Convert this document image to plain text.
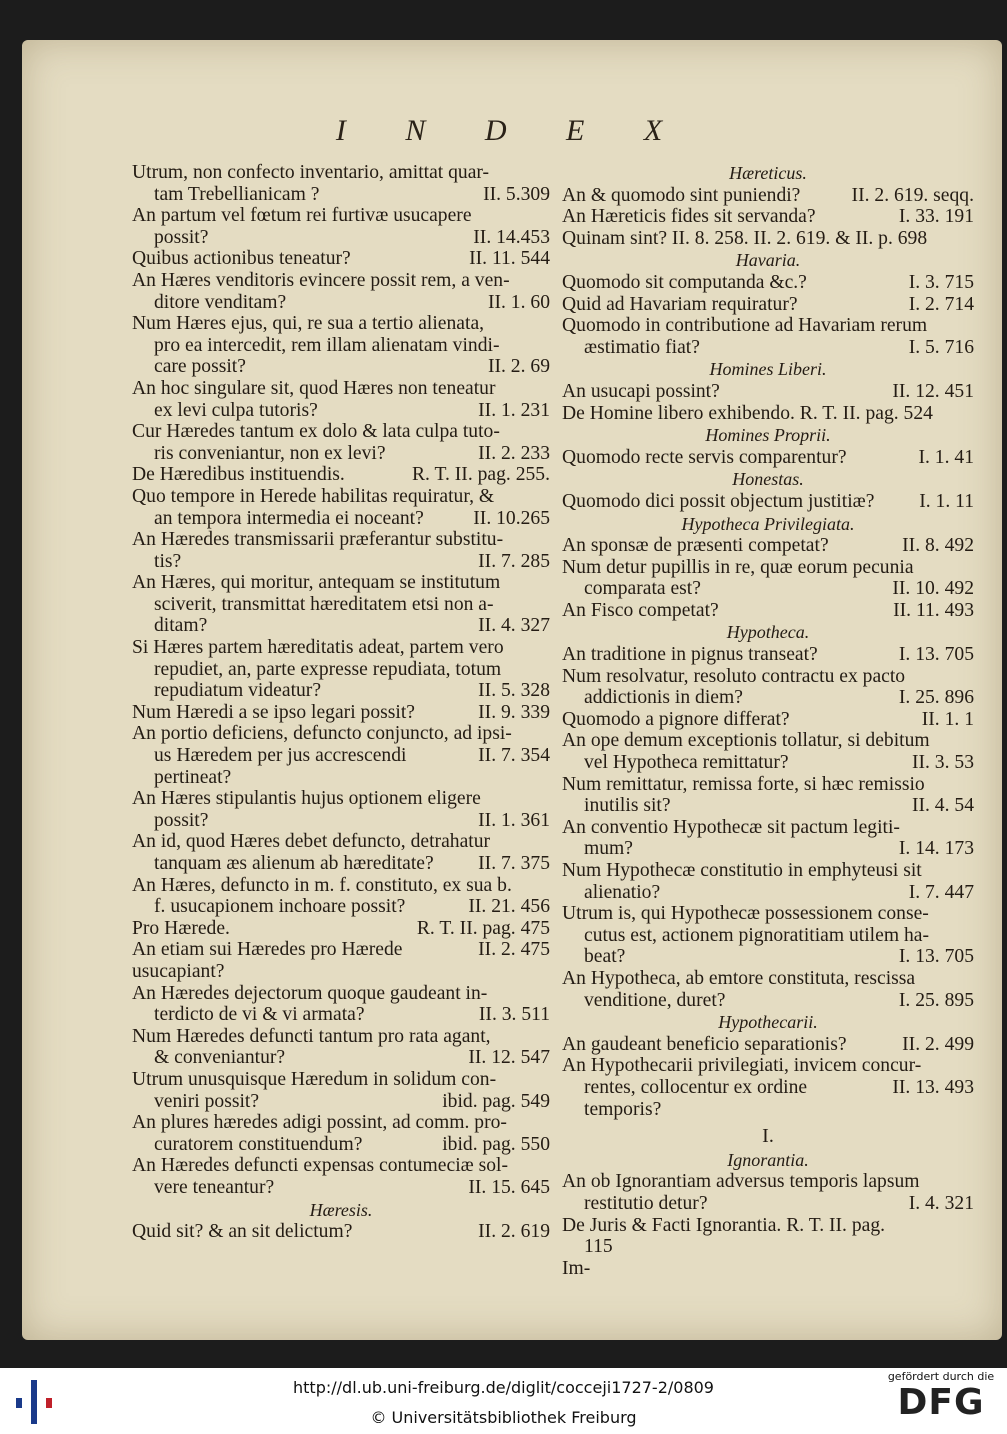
I N D E X
Utrum, non confecto inventario, amittat quar-
II. 5.309
tam Trebellianicam ?
An partum vel fœtum rei furtivæ usucapere
II. 14.453
possit?
II. 11. 544
Quibus actionibus teneatur?
An Hæres venditoris evincere possit rem, a ven-
II. 1. 60
ditore venditam?
Num Hæres ejus, qui, re sua a tertio alienata,
pro ea intercedit, rem illam alienatam vindi-
II. 2. 69
care possit?
An hoc singulare sit, quod Hæres non teneatur
II. 1. 231
ex levi culpa tutoris?
Cur Hæredes tantum ex dolo & lata culpa tuto-
II. 2. 233
ris conveniantur, non ex levi?
R. T. II. pag. 255.
De Hæredibus instituendis.
Quo tempore in Herede habilitas requiratur, &
II. 10.265
an tempora intermedia ei noceant?
An Hæredes transmissarii præferantur substitu-
II. 7. 285
tis?
An Hæres, qui moritur, antequam se institutum
sciverit, transmittat hæreditatem etsi non a-
II. 4. 327
ditam?
Si Hæres partem hæreditatis adeat, partem vero
repudiet, an, parte expresse repudiata, totum
II. 5. 328
repudiatum videatur?
II. 9. 339
Num Hæredi a se ipso legari possit?
An portio deficiens, defuncto conjuncto, ad ipsi-
II. 7. 354
us Hæredem per jus accrescendi pertineat?
An Hæres stipulantis hujus optionem eligere
II. 1. 361
possit?
An id, quod Hæres debet defuncto, detrahatur
II. 7. 375
tanquam æs alienum ab hæreditate?
An Hæres, defuncto in m. f. constituto, ex sua b.
II. 21. 456
f. usucapionem inchoare possit?
R. T. II. pag. 475
Pro Hærede.
II. 2. 475
An etiam sui Hæredes pro Hærede usucapiant?
An Hæredes dejectorum quoque gaudeant in-
II. 3. 511
terdicto de vi & vi armata?
Num Hæredes defuncti tantum pro rata agant,
II. 12. 547
& conveniantur?
Utrum unusquisque Hæredum in solidum con-
ibid. pag. 549
veniri possit?
An plures hæredes adigi possint, ad comm. pro-
ibid. pag. 550
curatorem constituendum?
An Hæredes defuncti expensas contumeciæ sol-
II. 15. 645
vere teneantur?
Hæresis.
II. 2. 619
Quid sit? & an sit delictum?
Hæreticus.
II. 2. 619. seqq.
An & quomodo sint puniendi?
I. 33. 191
An Hæreticis fides sit servanda?
Quinam sint? II. 8. 258. II. 2. 619. & II. p. 698
Havaria.
I. 3. 715
Quomodo sit computanda &c.?
I. 2. 714
Quid ad Havariam requiratur?
Quomodo in contributione ad Havariam rerum
I. 5. 716
æstimatio fiat?
Homines Liberi.
II. 12. 451
An usucapi possint?
De Homine libero exhibendo. R. T. II. pag. 524
Homines Proprii.
I. 1. 41
Quomodo recte servis comparentur?
Honestas.
I. 1. 11
Quomodo dici possit objectum justitiæ?
Hypotheca Privilegiata.
II. 8. 492
An sponsæ de præsenti competat?
Num detur pupillis in re, quæ eorum pecunia
II. 10. 492
comparata est?
II. 11. 493
An Fisco competat?
Hypotheca.
I. 13. 705
An traditione in pignus transeat?
Num resolvatur, resoluto contractu ex pacto
I. 25. 896
addictionis in diem?
II. 1. 1
Quomodo a pignore differat?
An ope demum exceptionis tollatur, si debitum
II. 3. 53
vel Hypotheca remittatur?
Num remittatur, remissa forte, si hæc remissio
II. 4. 54
inutilis sit?
An conventio Hypothecæ sit pactum legiti-
I. 14. 173
mum?
Num Hypothecæ constitutio in emphyteusi sit
I. 7. 447
alienatio?
Utrum is, qui Hypothecæ possessionem conse-
cutus est, actionem pignoratitiam utilem ha-
I. 13. 705
beat?
An Hypotheca, ab emtore constituta, rescissa
I. 25. 895
venditione, duret?
Hypothecarii.
II. 2. 499
An gaudeant beneficio separationis?
An Hypothecarii privilegiati, invicem concur-
II. 13. 493
rentes, collocentur ex ordine temporis?
I.
Ignorantia.
An ob Ignorantiam adversus temporis lapsum
I. 4. 321
restitutio detur?
De Juris & Facti Ignorantia. R. T. II. pag.
115
Im-
http://dl.ub.uni-freiburg.de/diglit/cocceji1727-2/0809
© Universitätsbibliothek Freiburg
gefördert durch die
DFG
